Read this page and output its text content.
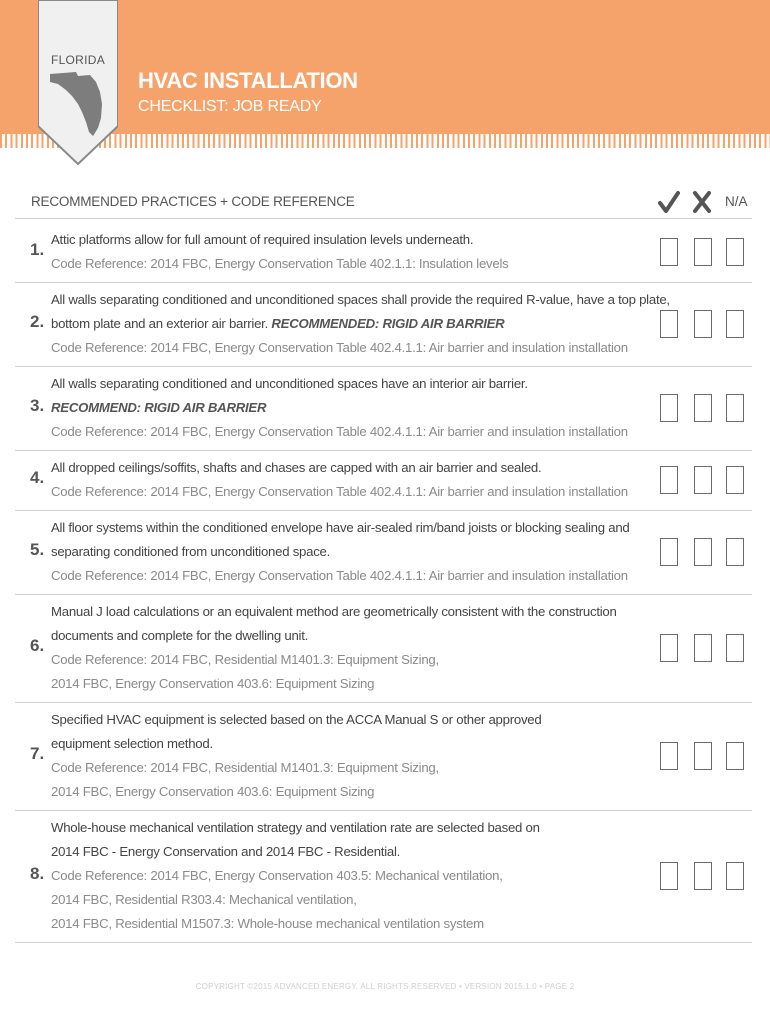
FLORIDA
HVAC INSTALLATION
CHECKLIST: JOB READY
RECOMMENDED PRACTICES + CODE REFERENCE	N/A
1.
Attic platforms allow for full amount of required insulation levels underneath.
Code Reference: 2014 FBC, Energy Conservation Table 402.1.1: Insulation levels
2.
All walls separating conditioned and unconditioned spaces shall provide the required R-value, have a top plate,
bottom plate and an exterior air barrier. RECOMMENDED: RIGID AIR BARRIER
Code Reference: 2014 FBC, Energy Conservation Table 402.4.1.1: Air barrier and insulation installation
3.
All walls separating conditioned and unconditioned spaces have an interior air barrier.
RECOMMEND: RIGID AIR BARRIER
Code Reference: 2014 FBC, Energy Conservation Table 402.4.1.1: Air barrier and insulation installation
4.
All dropped ceilings/soffits, shafts and chases are capped with an air barrier and sealed.
Code Reference: 2014 FBC, Energy Conservation Table 402.4.1.1: Air barrier and insulation installation
5.
All floor systems within the conditioned envelope have air-sealed rim/band joists or blocking sealing and
separating conditioned from unconditioned space.
Code Reference: 2014 FBC, Energy Conservation Table 402.4.1.1: Air barrier and insulation installation
6.
Manual J load calculations or an equivalent method are geometrically consistent with the construction
documents and complete for the dwelling unit.
Code Reference: 2014 FBC, Residential M1401.3: Equipment Sizing,
2014 FBC, Energy Conservation 403.6: Equipment Sizing
7.
Specified HVAC equipment is selected based on the ACCA Manual S or other approved
equipment selection method.
Code Reference: 2014 FBC, Residential M1401.3: Equipment Sizing,
2014 FBC, Energy Conservation 403.6: Equipment Sizing
8.
Whole-house mechanical ventilation strategy and ventilation rate are selected based on
2014 FBC - Energy Conservation and 2014 FBC - Residential.
Code Reference: 2014 FBC, Energy Conservation 403.5: Mechanical ventilation,
2014 FBC, Residential R303.4: Mechanical ventilation,
2014 FBC, Residential M1507.3: Whole-house mechanical ventilation system
COPYRIGHT ©2015 ADVANCED ENERGY. ALL RIGHTS RESERVED • VERSION 2015.1.0 • PAGE 2
